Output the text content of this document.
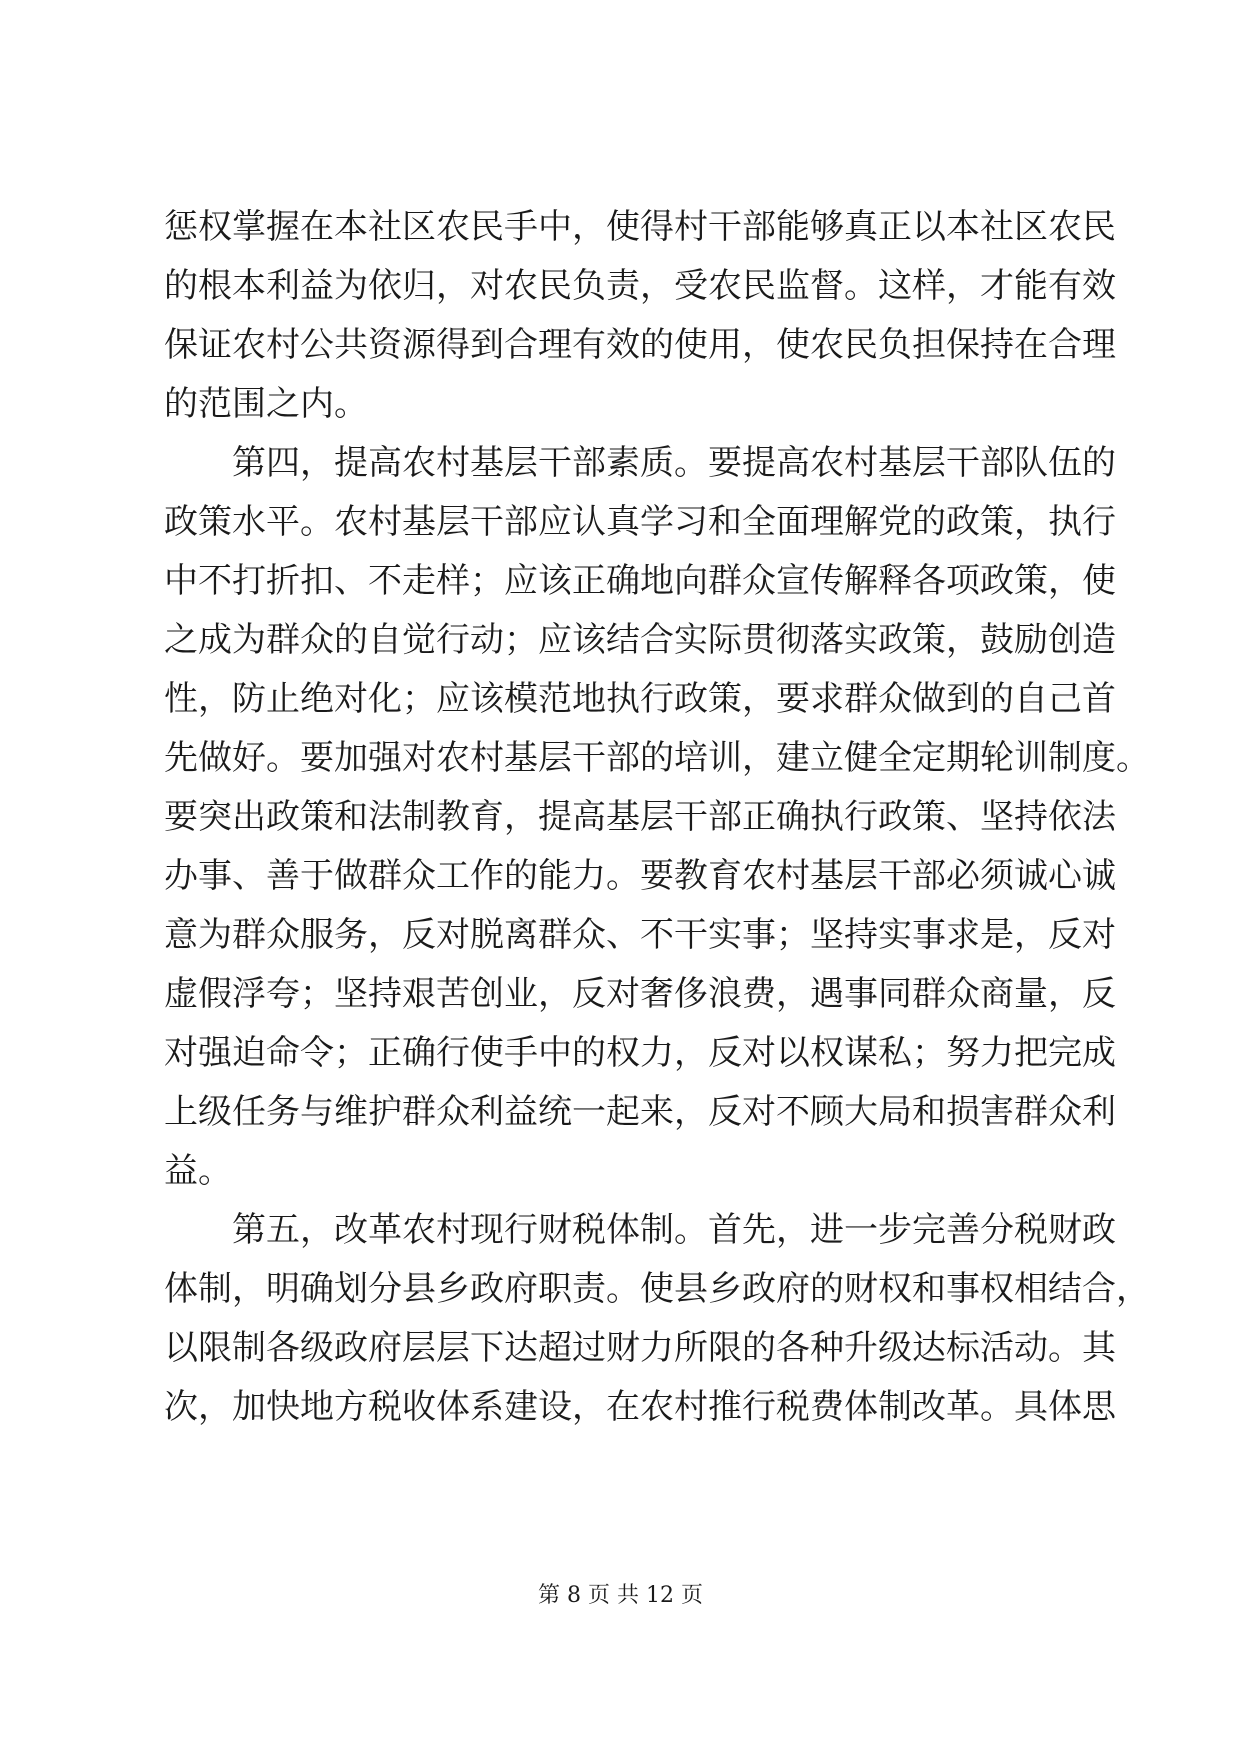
惩权掌握在本社区农民手中，使得村干部能够真正以本社区农民
的根本利益为依归，对农民负责，受农民监督。这样，才能有效
保证农村公共资源得到合理有效的使用，使农民负担保持在合理
的范围之内。
第四，提高农村基层干部素质。要提高农村基层干部队伍的
政策水平。农村基层干部应认真学习和全面理解党的政策，执行
中不打折扣、不走样；应该正确地向群众宣传解释各项政策，使
之成为群众的自觉行动；应该结合实际贯彻落实政策，鼓励创造
性，防止绝对化；应该模范地执行政策，要求群众做到的自己首
先做好。要加强对农村基层干部的培训，建立健全定期轮训制度。
要突出政策和法制教育，提高基层干部正确执行政策、坚持依法
办事、善于做群众工作的能力。要教育农村基层干部必须诚心诚
意为群众服务，反对脱离群众、不干实事；坚持实事求是，反对
虚假浮夸；坚持艰苦创业，反对奢侈浪费，遇事同群众商量，反
对强迫命令；正确行使手中的权力，反对以权谋私；努力把完成
上级任务与维护群众利益统一起来，反对不顾大局和损害群众利
益。
第五，改革农村现行财税体制。首先，进一步完善分税财政
体制，明确划分县乡政府职责。使县乡政府的财权和事权相结合，
以限制各级政府层层下达超过财力所限的各种升级达标活动。其
次，加快地方税收体系建设，在农村推行税费体制改革。具体思
第 8 页 共 12 页
